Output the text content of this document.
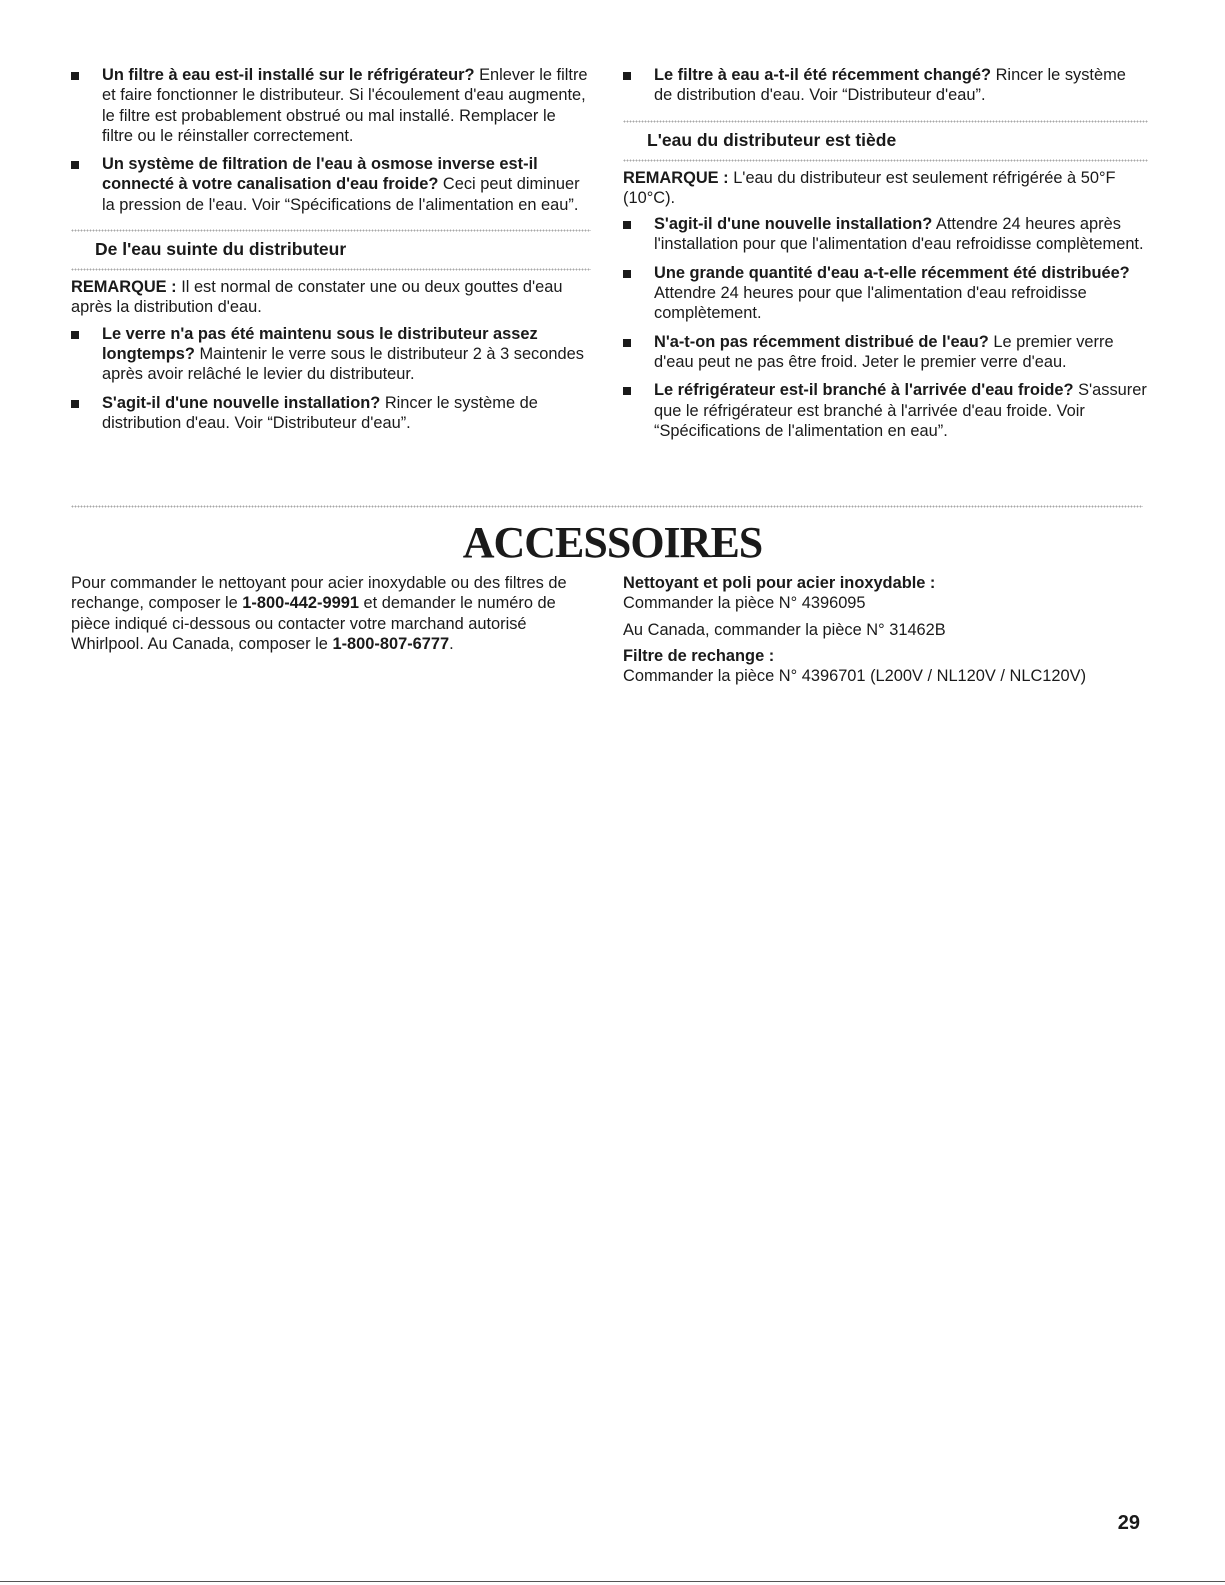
Un filtre à eau est-il installé sur le réfrigérateur? Enlever le filtre et faire fonctionner le distributeur. Si l'écoulement d'eau augmente, le filtre est probablement obstrué ou mal installé. Remplacer le filtre ou le réinstaller correctement.
Un système de filtration de l'eau à osmose inverse est-il connecté à votre canalisation d'eau froide? Ceci peut diminuer la pression de l'eau. Voir “Spécifications de l'alimentation en eau”.
De l'eau suinte du distributeur

REMARQUE : Il est normal de constater une ou deux gouttes d'eau après la distribution d'eau.

Le verre n'a pas été maintenu sous le distributeur assez longtemps? Maintenir le verre sous le distributeur 2 à 3 secondes après avoir relâché le levier du distributeur.
S'agit-il d'une nouvelle installation? Rincer le système de distribution d'eau. Voir “Distributeur d'eau”.
Le filtre à eau a-t-il été récemment changé? Rincer le système de distribution d'eau. Voir “Distributeur d'eau”.
L'eau du distributeur est tiède

REMARQUE : L'eau du distributeur est seulement réfrigérée à 50°F (10°C).

S'agit-il d'une nouvelle installation? Attendre 24 heures après l'installation pour que l'alimentation d'eau refroidisse complètement.
Une grande quantité d'eau a-t-elle récemment été distribuée? Attendre 24 heures pour que l'alimentation d'eau refroidisse complètement.
N'a-t-on pas récemment distribué de l'eau? Le premier verre d'eau peut ne pas être froid. Jeter le premier verre d'eau.
Le réfrigérateur est-il branché à l'arrivée d'eau froide? S'assurer que le réfrigérateur est branché à l'arrivée d'eau froide. Voir “Spécifications de l'alimentation en eau”.
ACCESSOIRES
Pour commander le nettoyant pour acier inoxydable ou des filtres de rechange, composer le 1-800-442-9991 et demander le numéro de pièce indiqué ci-dessous ou contacter votre marchand autorisé Whirlpool. Au Canada, composer le 1-800-807-6777.

Nettoyant et poli pour acier inoxydable :
Commander la pièce N° 4396095

Au Canada, commander la pièce N° 31462B

Filtre de rechange :
Commander la pièce N° 4396701 (L200V / NL120V / NLC120V)

29
